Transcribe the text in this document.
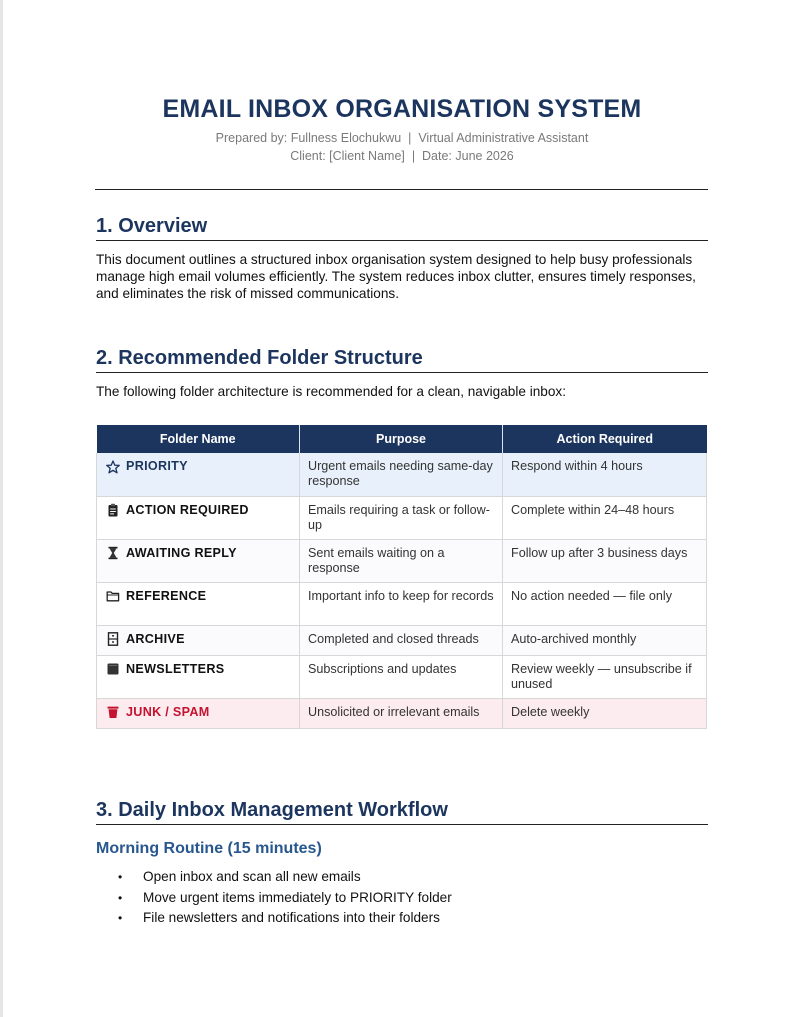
EMAIL INBOX ORGANISATION SYSTEM
Prepared by: Fullness Elochukwu  |  Virtual Administrative Assistant
Client: [Client Name]  |  Date: June 2026
1. Overview
This document outlines a structured inbox organisation system designed to help busy professionals manage high email volumes efficiently. The system reduces inbox clutter, ensures timely responses, and eliminates the risk of missed communications.
2. Recommended Folder Structure
The following folder architecture is recommended for a clean, navigable inbox:
Folder Name	Purpose	Action Required

PRIORITY	Urgent emails needing same-day response	Respond within 4 hours

ACTION REQUIRED	Emails requiring a task or follow-up	Complete within 24–48 hours

AWAITING REPLY	Sent emails waiting on a response	Follow up after 3 business days

REFERENCE	Important info to keep for records	No action needed — file only

ARCHIVE	Completed and closed threads	Auto-archived monthly

NEWSLETTERS	Subscriptions and updates	Review weekly — unsubscribe if unused

JUNK / SPAM	Unsolicited or irrelevant emails	Delete weekly
3. Daily Inbox Management Workflow
Morning Routine (15 minutes)
• Open inbox and scan all new emails
• Move urgent items immediately to PRIORITY folder
• File newsletters and notifications into their folders
